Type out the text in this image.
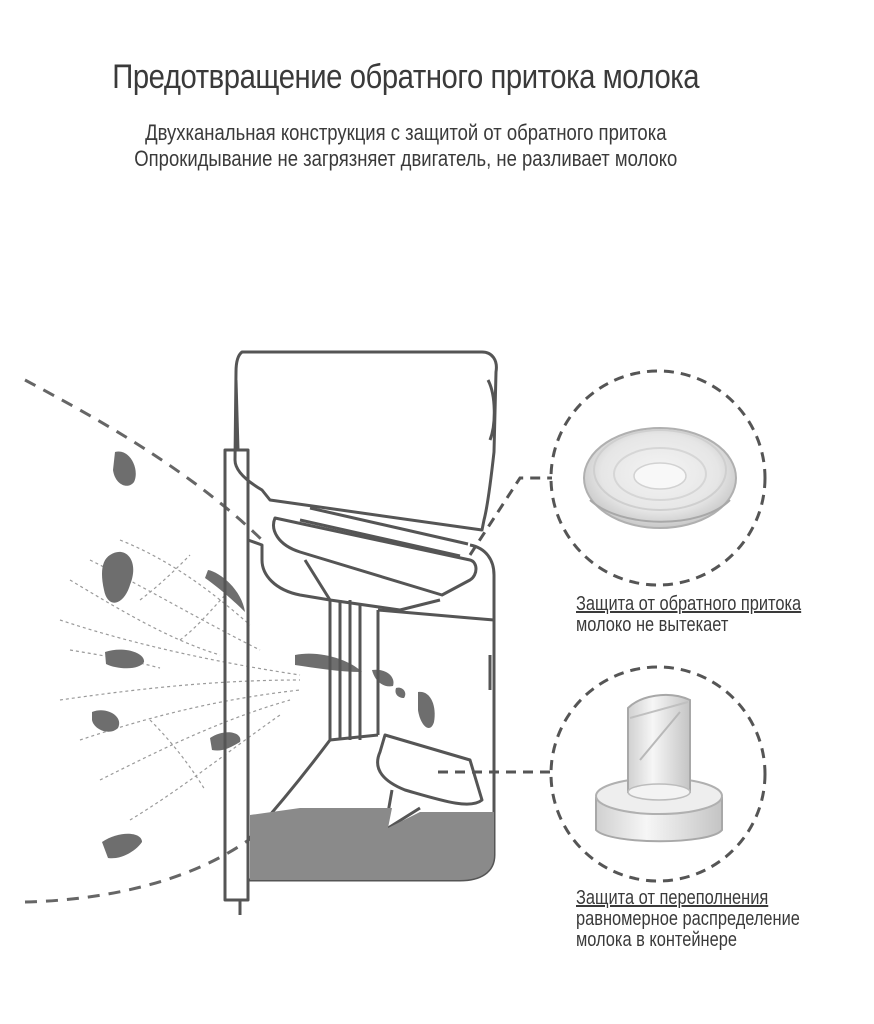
Предотвращение обратного притока молока
Двухканальная конструкция с защитой от обратного притока
Опрокидывание не загрязняет двигатель, не разливает молоко
Защита от обратного притока
молоко не вытекает
Защита от переполнения
равномерное распределение
молока в контейнере
